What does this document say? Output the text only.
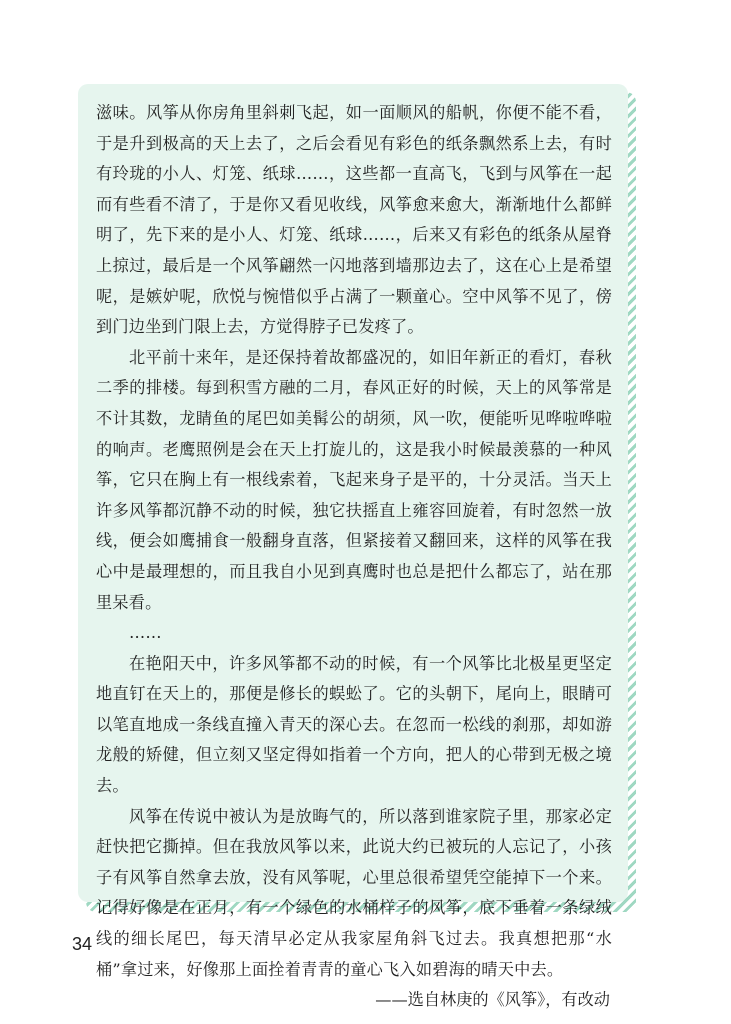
滋味。风筝从你房角里斜刺飞起，如一面顺风的船帆，你便不能不看，于是升到极高的天上去了，之后会看见有彩色的纸条飘然系上去，有时有玲珑的小人、灯笼、纸球……，这些都一直高飞，飞到与风筝在一起而有些看不清了，于是你又看见收线，风筝愈来愈大，渐渐地什么都鲜明了，先下来的是小人、灯笼、纸球……，后来又有彩色的纸条从屋脊上掠过，最后是一个风筝翩然一闪地落到墙那边去了，这在心上是希望呢，是嫉妒呢，欣悦与惋惜似乎占满了一颗童心。空中风筝不见了，傍到门边坐到门限上去，方觉得脖子已发疼了。

北平前十来年，是还保持着故都盛况的，如旧年新正的看灯，春秋二季的排楼。每到积雪方融的二月，春风正好的时候，天上的风筝常是不计其数，龙睛鱼的尾巴如美髯公的胡须，风一吹，便能听见哗啦哗啦的响声。老鹰照例是会在天上打旋儿的，这是我小时候最羡慕的一种风筝，它只在胸上有一根线索着，飞起来身子是平的，十分灵活。当天上许多风筝都沉静不动的时候，独它扶摇直上雍容回旋着，有时忽然一放线，便会如鹰捕食一般翻身直落，但紧接着又翻回来，这样的风筝在我心中是最理想的，而且我自小见到真鹰时也总是把什么都忘了，站在那里呆看。

……

在艳阳天中，许多风筝都不动的时候，有一个风筝比北极星更坚定地直钉在天上的，那便是修长的蜈蚣了。它的头朝下，尾向上，眼睛可以笔直地成一条线直撞入青天的深心去。在忽而一松线的刹那，却如游龙般的矫健，但立刻又坚定得如指着一个方向，把人的心带到无极之境去。

风筝在传说中被认为是放晦气的，所以落到谁家院子里，那家必定赶快把它撕掉。但在我放风筝以来，此说大约已被玩的人忘记了，小孩子有风筝自然拿去放，没有风筝呢，心里总很希望凭空能掉下一个来。记得好像是在正月，有一个绿色的水桶样子的风筝，底下垂着一条绿绒线的细长尾巴，每天清早必定从我家屋角斜飞过去。我真想把那“水桶”拿过来，好像那上面拴着青青的童心飞入如碧海的晴天中去。

——选自林庚的《风筝》，有改动

34
